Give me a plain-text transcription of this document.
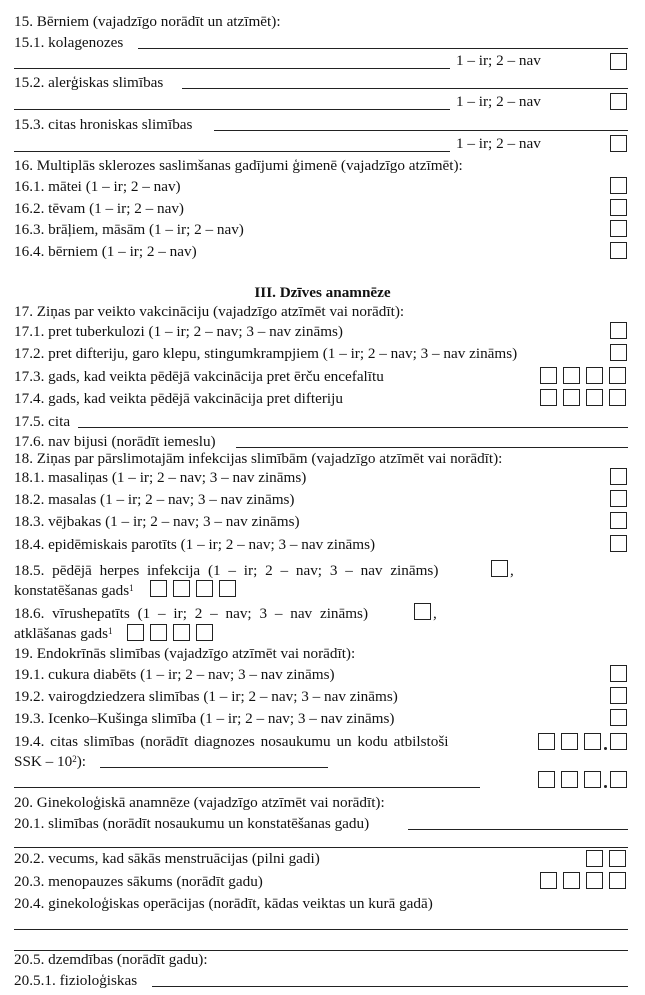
15. Bērniem (vajadzīgo norādīt un atzīmēt):
15.1. kolagenozes
1 – ir; 2 – nav
15.2. alerģiskas slimības
1 – ir; 2 – nav
15.3. citas hroniskas slimības
1 – ir; 2 – nav
16. Multiplās sklerozes saslimšanas gadījumi ģimenē (vajadzīgo atzīmēt):
16.1. mātei (1 – ir; 2 – nav)
16.2. tēvam (1 – ir; 2 – nav)
16.3. brāļiem, māsām (1 – ir; 2 – nav)
16.4. bērniem (1 – ir; 2 – nav)
III. Dzīves anamnēze
17. Ziņas par veikto vakcināciju (vajadzīgo atzīmēt vai norādīt):
17.1. pret tuberkulozi (1 – ir; 2 – nav; 3 – nav zināms)
17.2. pret difteriju, garo klepu, stingumkrampjiem (1 – ir; 2 – nav; 3 – nav zināms)
17.3. gads, kad veikta pēdējā vakcinācija pret ērču encefalītu
17.4. gads, kad veikta pēdējā vakcinācija pret difteriju
17.5. cita
17.6. nav bijusi (norādīt iemeslu)
18. Ziņas par pārslimotajām infekcijas slimībām (vajadzīgo atzīmēt vai norādīt):
18.1. masaliņas (1 – ir; 2 – nav; 3 – nav zināms)
18.2. masalas (1 – ir; 2 – nav; 3 – nav zināms)
18.3. vējbakas (1 – ir; 2 – nav; 3 – nav zināms)
18.4. epidēmiskais parotīts (1 – ir; 2 – nav; 3 – nav zināms)
18.5. pēdējā herpes infekcija (1 – ir; 2 – nav; 3 – nav zināms)	,
konstatēšanas gads$^1$
18.6. vīrushepatīts (1 – ir; 2 – nav; 3 – nav zināms)	,
atklāšanas gads$^1$
19. Endokrīnās slimības (vajadzīgo atzīmēt vai norādīt):
19.1. cukura diabēts (1 – ir; 2 – nav; 3 – nav zināms)
19.2. vairogdziedzera slimības (1 – ir; 2 – nav; 3 – nav zināms)
19.3. Icenko–Kušinga slimība (1 – ir; 2 – nav; 3 – nav zināms)
19.4. citas slimības (norādīt diagnozes nosaukumu un kodu atbilstoši
SSK – $10^2$):
20. Ginekoloģiskā anamnēze (vajadzīgo atzīmēt vai norādīt):
20.1. slimības (norādīt nosaukumu un konstatēšanas gadu)
20.2. vecums, kad sākās menstruācijas (pilni gadi)
20.3. menopauzes sākums (norādīt gadu)
20.4. ginekoloģiskas operācijas (norādīt, kādas veiktas un kurā gadā)
20.5. dzemdības (norādīt gadu):
20.5.1. fizioloģiskas
